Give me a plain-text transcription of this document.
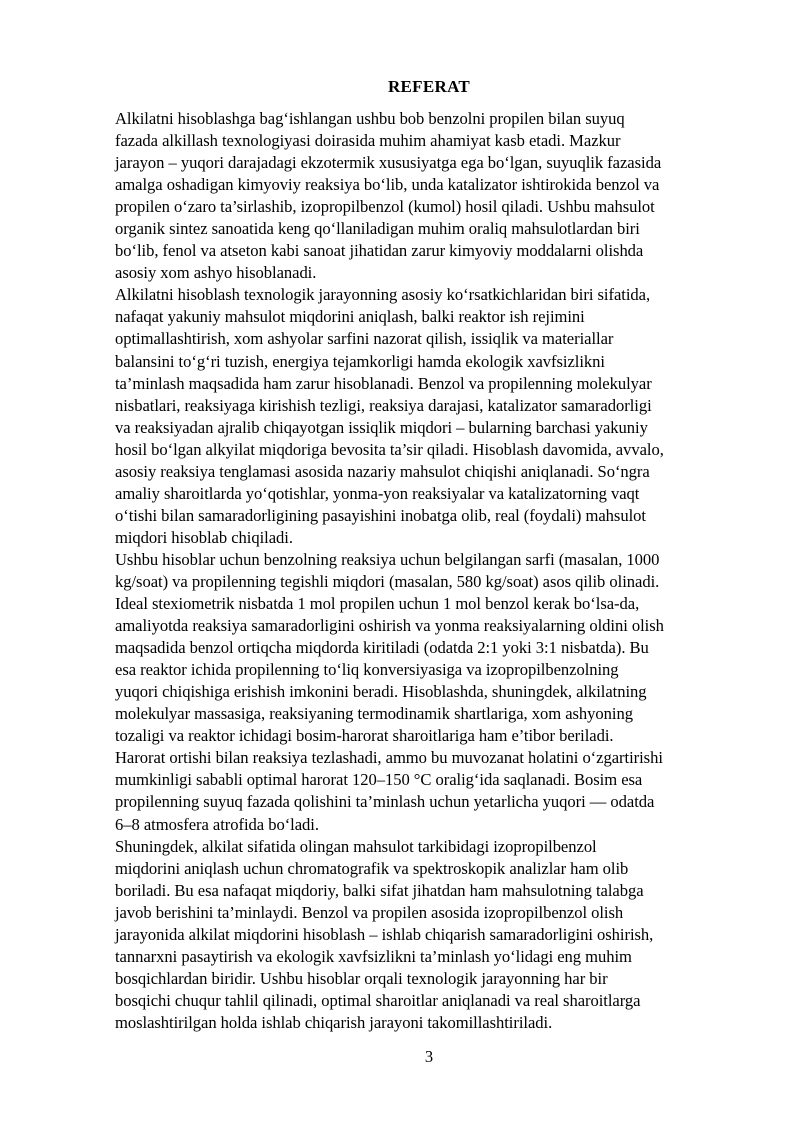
REFERAT
Alkilatni hisoblashga bag‘ishlangan ushbu bob benzolni propilen bilan suyuq
fazada alkillash texnologiyasi doirasida muhim ahamiyat kasb etadi. Mazkur
jarayon – yuqori darajadagi ekzotermik xususiyatga ega bo‘lgan, suyuqlik fazasida
amalga oshadigan kimyoviy reaksiya bo‘lib, unda katalizator ishtirokida benzol va
propilen o‘zaro ta’sirlashib, izopropilbenzol (kumol) hosil qiladi. Ushbu mahsulot
organik sintez sanoatida keng qo‘llaniladigan muhim oraliq mahsulotlardan biri
bo‘lib, fenol va atseton kabi sanoat jihatidan zarur kimyoviy moddalarni olishda
asosiy xom ashyo hisoblanadi.
Alkilatni hisoblash texnologik jarayonning asosiy ko‘rsatkichlaridan biri sifatida,
nafaqat yakuniy mahsulot miqdorini aniqlash, balki reaktor ish rejimini
optimallashtirish, xom ashyolar sarfini nazorat qilish, issiqlik va materiallar
balansini to‘g‘ri tuzish, energiya tejamkorligi hamda ekologik xavfsizlikni
ta’minlash maqsadida ham zarur hisoblanadi. Benzol va propilenning molekulyar
nisbatlari, reaksiyaga kirishish tezligi, reaksiya darajasi, katalizator samaradorligi
va reaksiyadan ajralib chiqayotgan issiqlik miqdori – bularning barchasi yakuniy
hosil bo‘lgan alkyilat miqdoriga bevosita ta’sir qiladi. Hisoblash davomida, avvalo,
asosiy reaksiya tenglamasi asosida nazariy mahsulot chiqishi aniqlanadi. So‘ngra
amaliy sharoitlarda yo‘qotishlar, yonma-yon reaksiyalar va katalizatorning vaqt
o‘tishi bilan samaradorligining pasayishini inobatga olib, real (foydali) mahsulot
miqdori hisoblab chiqiladi.
Ushbu hisoblar uchun benzolning reaksiya uchun belgilangan sarfi (masalan, 1000
kg/soat) va propilenning tegishli miqdori (masalan, 580 kg/soat) asos qilib olinadi.
Ideal stexiometrik nisbatda 1 mol propilen uchun 1 mol benzol kerak bo‘lsa-da,
amaliyotda reaksiya samaradorligini oshirish va yonma reaksiyalarning oldini olish
maqsadida benzol ortiqcha miqdorda kiritiladi (odatda 2:1 yoki 3:1 nisbatda). Bu
esa reaktor ichida propilenning to‘liq konversiyasiga va izopropilbenzolning
yuqori chiqishiga erishish imkonini beradi. Hisoblashda, shuningdek, alkilatning
molekulyar massasiga, reaksiyaning termodinamik shartlariga, xom ashyoning
tozaligi va reaktor ichidagi bosim-harorat sharoitlariga ham e’tibor beriladi.
Harorat ortishi bilan reaksiya tezlashadi, ammo bu muvozanat holatini o‘zgartirishi
mumkinligi sababli optimal harorat 120–150 °C oralig‘ida saqlanadi. Bosim esa
propilenning suyuq fazada qolishini ta’minlash uchun yetarlicha yuqori — odatda
6–8 atmosfera atrofida bo‘ladi.
Shuningdek, alkilat sifatida olingan mahsulot tarkibidagi izopropilbenzol
miqdorini aniqlash uchun chromatografik va spektroskopik analizlar ham olib
boriladi. Bu esa nafaqat miqdoriy, balki sifat jihatdan ham mahsulotning talabga
javob berishini ta’minlaydi. Benzol va propilen asosida izopropilbenzol olish
jarayonida alkilat miqdorini hisoblash – ishlab chiqarish samaradorligini oshirish,
tannarxni pasaytirish va ekologik xavfsizlikni ta’minlash yo‘lidagi eng muhim
bosqichlardan biridir. Ushbu hisoblar orqali texnologik jarayonning har bir
bosqichi chuqur tahlil qilinadi, optimal sharoitlar aniqlanadi va real sharoitlarga
moslashtirilgan holda ishlab chiqarish jarayoni takomillashtiriladi.
3
